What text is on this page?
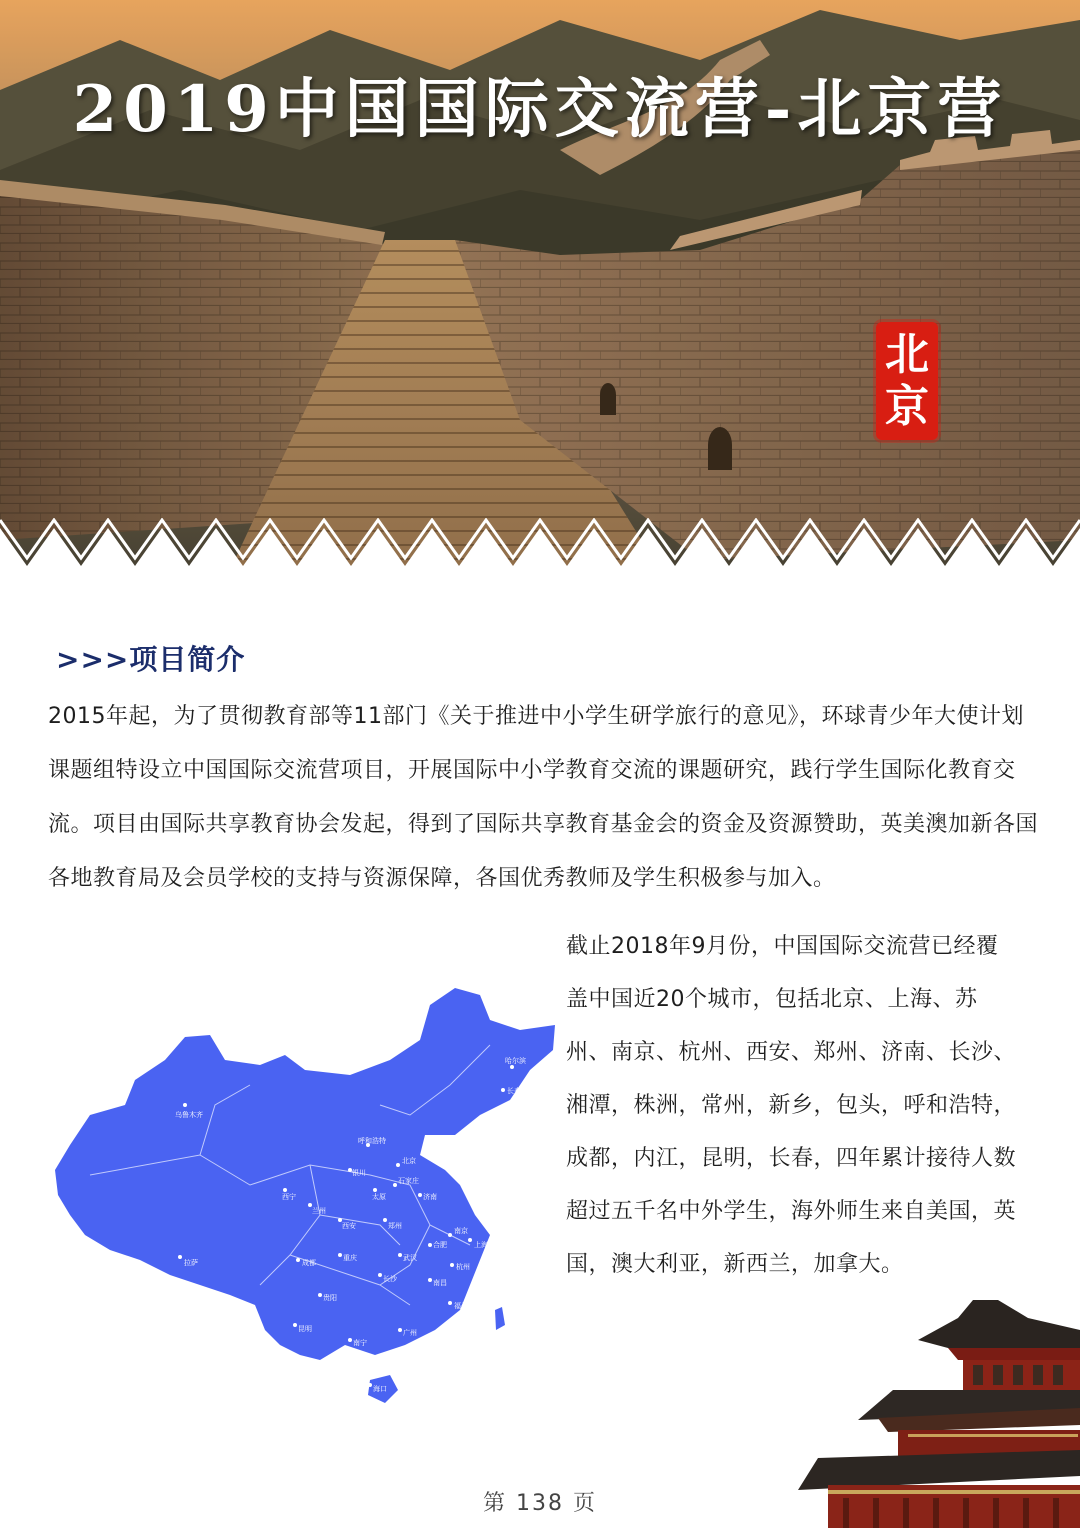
2019中国国际交流营-北京营
北
京
>>>项目简介

2015年起，为了贯彻教育部等11部门《关于推进中小学生研学旅行的意见》，环球青少年大使计划课题组特设立中国国际交流营项目，开展国际中小学教育交流的课题研究，践行学生国际化教育交流。项目由国际共享教育协会发起，得到了国际共享教育基金会的资金及资源赞助，英美澳加新各国各地教育局及会员学校的支持与资源保障，各国优秀教师及学生积极参与加入。

截止2018年9月份，中国国际交流营已经覆盖中国近20个城市，包括北京、上海、苏州、南京、杭州、西安、郑州、济南、长沙、湘潭，株洲，常州，新乡，包头，呼和浩特，成都，内江，昆明，长春，四年累计接待人数超过五千名中外学生，海外师生来自美国，英国，澳大利亚，新西兰，加拿大。

乌鲁木齐
哈尔滨
长春
沈阳
呼和浩特
北京
银川
太原
石家庄
济南
西宁
兰州
西安	郑州
南京
合肥	上海
拉萨	成都
重庆	武汉
杭州
长沙	南昌
贵阳
福州
昆明
南宁
广州
海口
第 138 页
